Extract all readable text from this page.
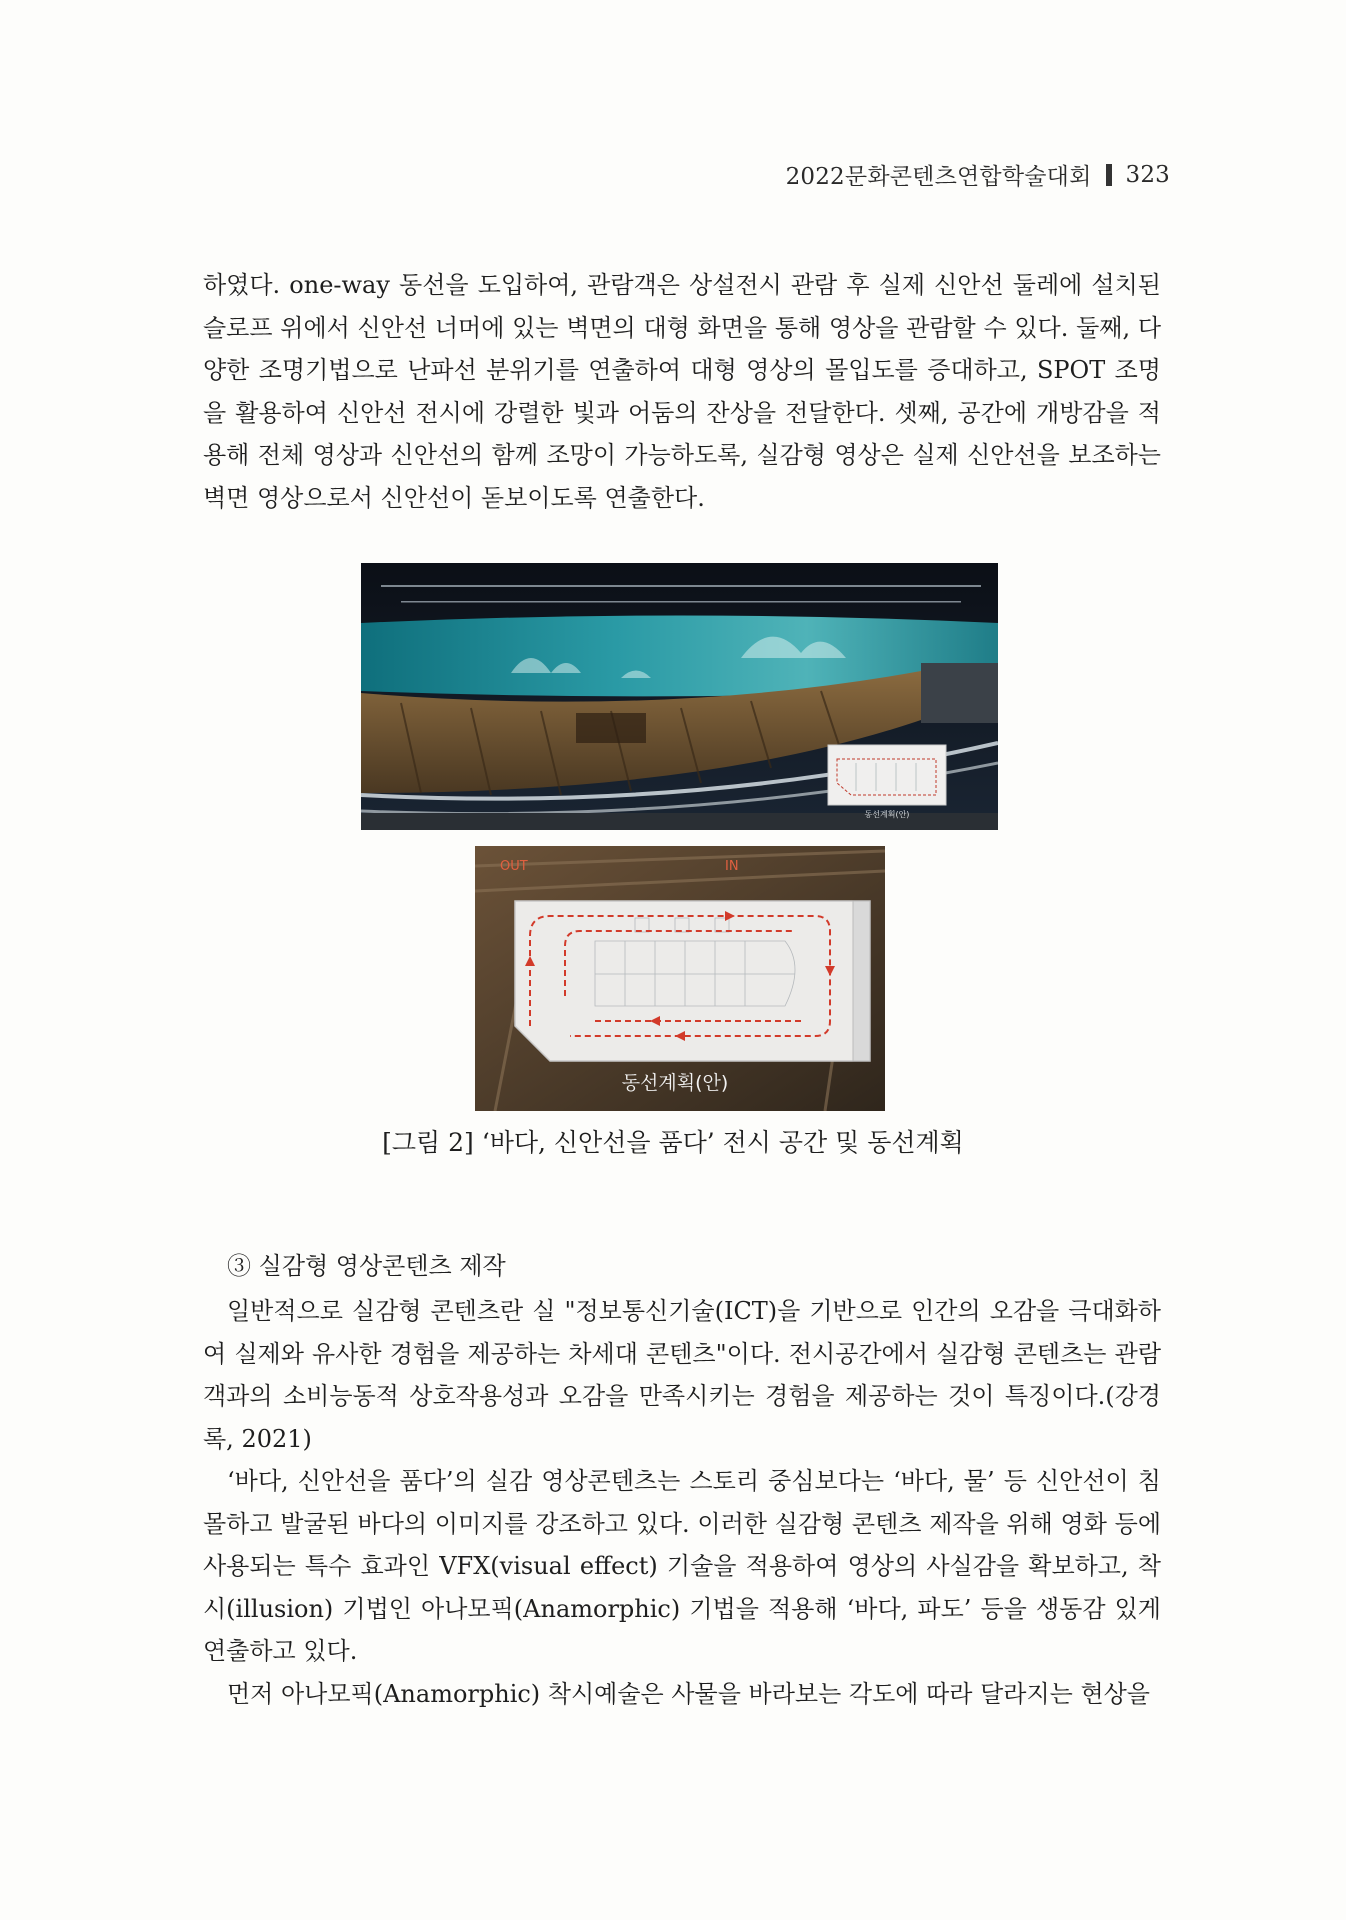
2022문화콘텐츠연합학술대회 323

하였다. one-way 동선을 도입하여, 관람객은 상설전시 관람 후 실제 신안선 둘레에 설치된 슬로프 위에서 신안선 너머에 있는 벽면의 대형 화면을 통해 영상을 관람할 수 있다. 둘째, 다양한 조명기법으로 난파선 분위기를 연출하여 대형 영상의 몰입도를 증대하고, SPOT 조명을 활용하여 신안선 전시에 강렬한 빛과 어둠의 잔상을 전달한다. 셋째, 공간에 개방감을 적용해 전체 영상과 신안선의 함께 조망이 가능하도록, 실감형 영상은 실제 신안선을 보조하는 벽면 영상으로서 신안선이 돋보이도록 연출한다.

동선계획(안)
OUT	IN
동선계획(안)
[그림 2] ‘바다, 신안선을 품다’ 전시 공간 및 동선계획
③ 실감형 영상콘텐츠 제작

일반적으로 실감형 콘텐츠란 실 "정보통신기술(ICT)을 기반으로 인간의 오감을 극대화하여 실제와 유사한 경험을 제공하는 차세대 콘텐츠"이다. 전시공간에서 실감형 콘텐츠는 관람객과의 소비능동적 상호작용성과 오감을 만족시키는 경험을 제공하는 것이 특징이다.(강경록, 2021)

‘바다, 신안선을 품다’의 실감 영상콘텐츠는 스토리 중심보다는 ‘바다, 물’ 등 신안선이 침몰하고 발굴된 바다의 이미지를 강조하고 있다. 이러한 실감형 콘텐츠 제작을 위해 영화 등에 사용되는 특수 효과인 VFX(visual effect) 기술을 적용하여 영상의 사실감을 확보하고, 착시(illusion) 기법인 아나모픽(Anamorphic) 기법을 적용해 ‘바다, 파도’ 등을 생동감 있게 연출하고 있다.

먼저 아나모픽(Anamorphic) 착시예술은 사물을 바라보는 각도에 따라 달라지는 현상을
